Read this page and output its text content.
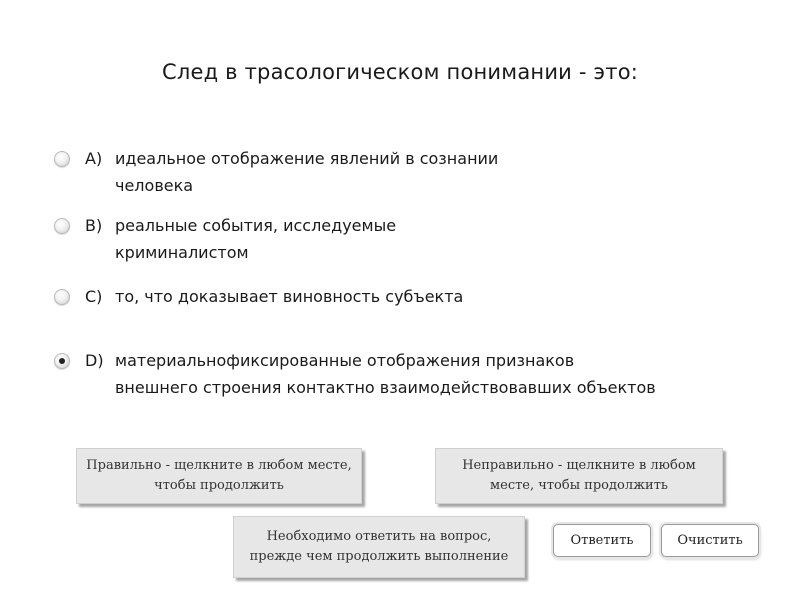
След в трасологическом понимании - это:
A) идеальное отображение явлений в сознании
человека
B) реальные события, исследуемые
криминалистом
C) то, что доказывает виновность субъекта
D) материальнофиксированные отображения признаков
внешнего строения контактно взаимодействовавших объектов
Правильно - щелкните в любом месте,
чтобы продолжить
Неправильно - щелкните в любом
месте, чтобы продолжить
Необходимо ответить на вопрос,
прежде чем продолжить выполнение
Ответить	Очистить
